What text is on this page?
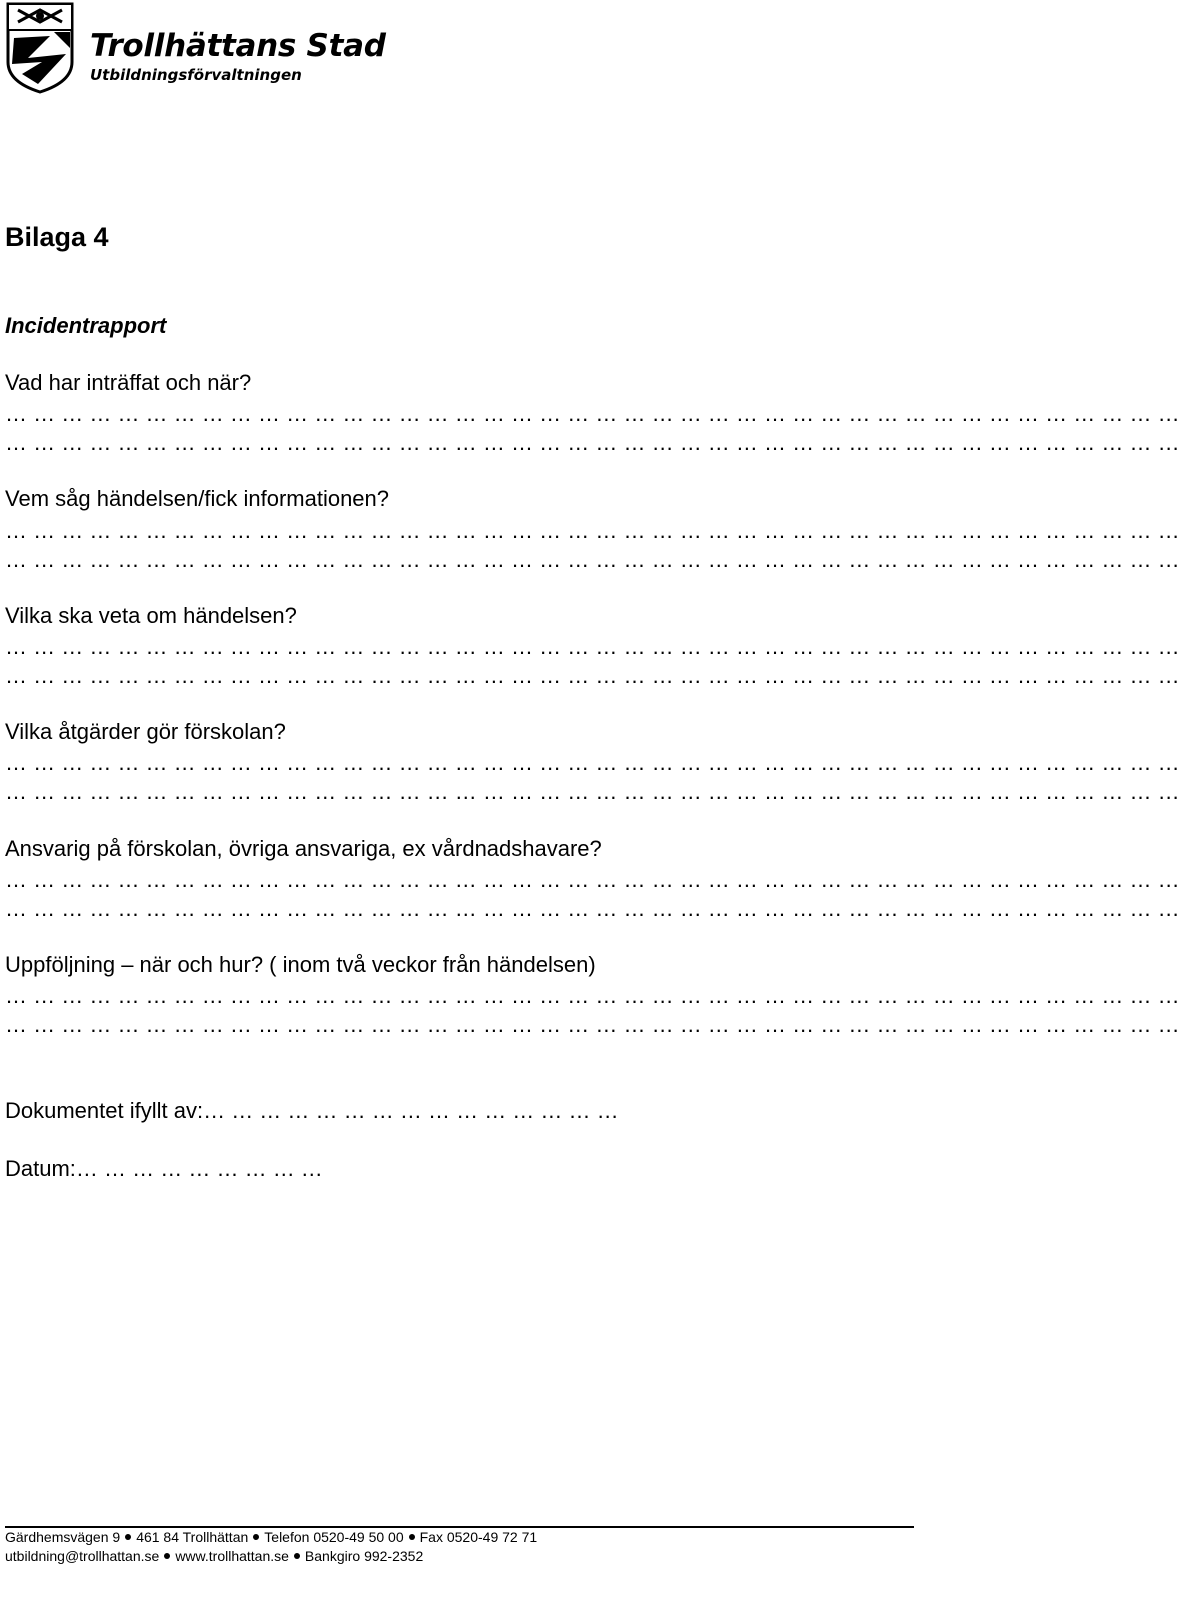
Trollhättans Stad
Utbildningsförvaltningen
Bilaga 4
Incidentrapport

Vad har inträffat och när?

… … … … … … … … … … … … … … … … … … … … … … … … … … … … … … … … … … … … … … … … … …
… … … … … … … … … … … … … … … … … … … … … … … … … … … … … … … … … … … … … … … … … …

Vem såg händelsen/fick informationen?

… … … … … … … … … … … … … … … … … … … … … … … … … … … … … … … … … … … … … … … … … …
… … … … … … … … … … … … … … … … … … … … … … … … … … … … … … … … … … … … … … … … … …

Vilka ska veta om händelsen?

… … … … … … … … … … … … … … … … … … … … … … … … … … … … … … … … … … … … … … … … … …
… … … … … … … … … … … … … … … … … … … … … … … … … … … … … … … … … … … … … … … … … …

Vilka åtgärder gör förskolan?

… … … … … … … … … … … … … … … … … … … … … … … … … … … … … … … … … … … … … … … … … …
… … … … … … … … … … … … … … … … … … … … … … … … … … … … … … … … … … … … … … … … … …

Ansvarig på förskolan, övriga ansvariga, ex vårdnadshavare?

… … … … … … … … … … … … … … … … … … … … … … … … … … … … … … … … … … … … … … … … … …
… … … … … … … … … … … … … … … … … … … … … … … … … … … … … … … … … … … … … … … … … …

Uppföljning – när och hur? ( inom två veckor från händelsen)

… … … … … … … … … … … … … … … … … … … … … … … … … … … … … … … … … … … … … … … … … …
… … … … … … … … … … … … … … … … … … … … … … … … … … … … … … … … … … … … … … … … … …

Dokumentet ifyllt av:… … … … … … … … … … … … … … …

Datum:… … … … … … … … …

Gärdhemsvägen 9 461 84 Trollhättan Telefon 0520-49 50 00 Fax 0520-49 72 71
utbildning@trollhattan.se www.trollhattan.se Bankgiro 992-2352
